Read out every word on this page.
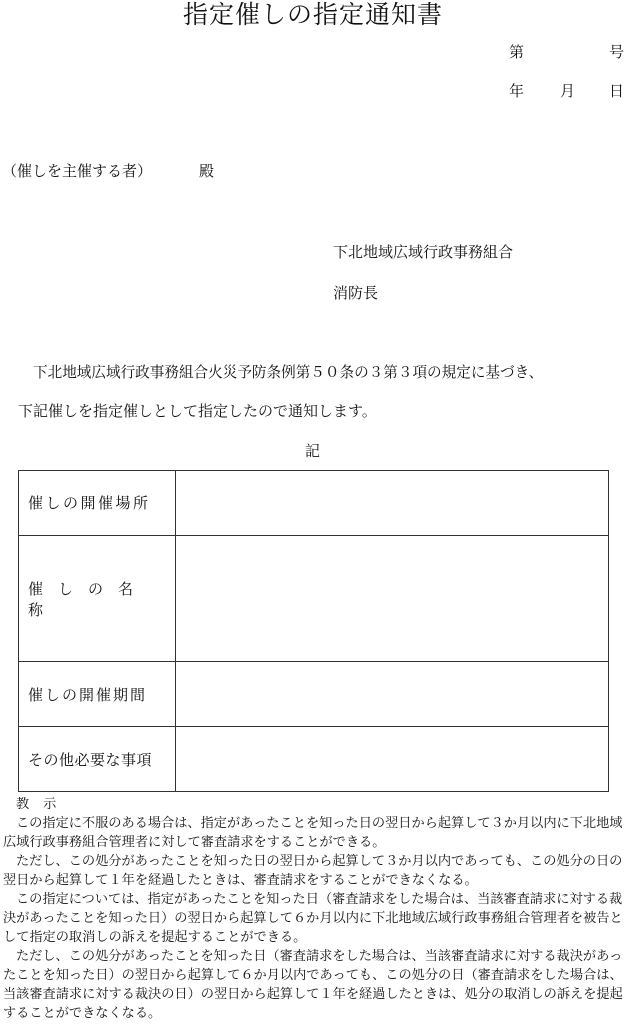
指定催しの指定通知書
第	号
年 月 日
（催しを主催する者）	殿
下北地域広域行政事務組合
消防長
下北地域広域行政事務組合火災予防条例第５０条の３第３項の規定に基づき、
下記催しを指定催しとして指定したので通知します。
記
催しの開催場所	
催しの名称	
催しの開催期間	
その他必要な事項	
教示
この指定に不服のある場合は、指定があったことを知った日の翌日から起算して３か月以内に下北地域広域行政事務組合管理者に対して審査請求をすることができる。
ただし、この処分があったことを知った日の翌日から起算して３か月以内であっても、この処分の日の翌日から起算して１年を経過したときは、審査請求をすることができなくなる。
この指定については、指定があったことを知った日（審査請求をした場合は、当該審査請求に対する裁決があったことを知った日）の翌日から起算して６か月以内に下北地域広域行政事務組合管理者を被告として指定の取消しの訴えを提起することができる。
ただし、この処分があったことを知った日（審査請求をした場合は、当該審査請求に対する裁決があったことを知った日）の翌日から起算して６か月以内であっても、この処分の日（審査請求をした場合は、当該審査請求に対する裁決の日）の翌日から起算して１年を経過したときは、処分の取消しの訴えを提起することができなくなる。
